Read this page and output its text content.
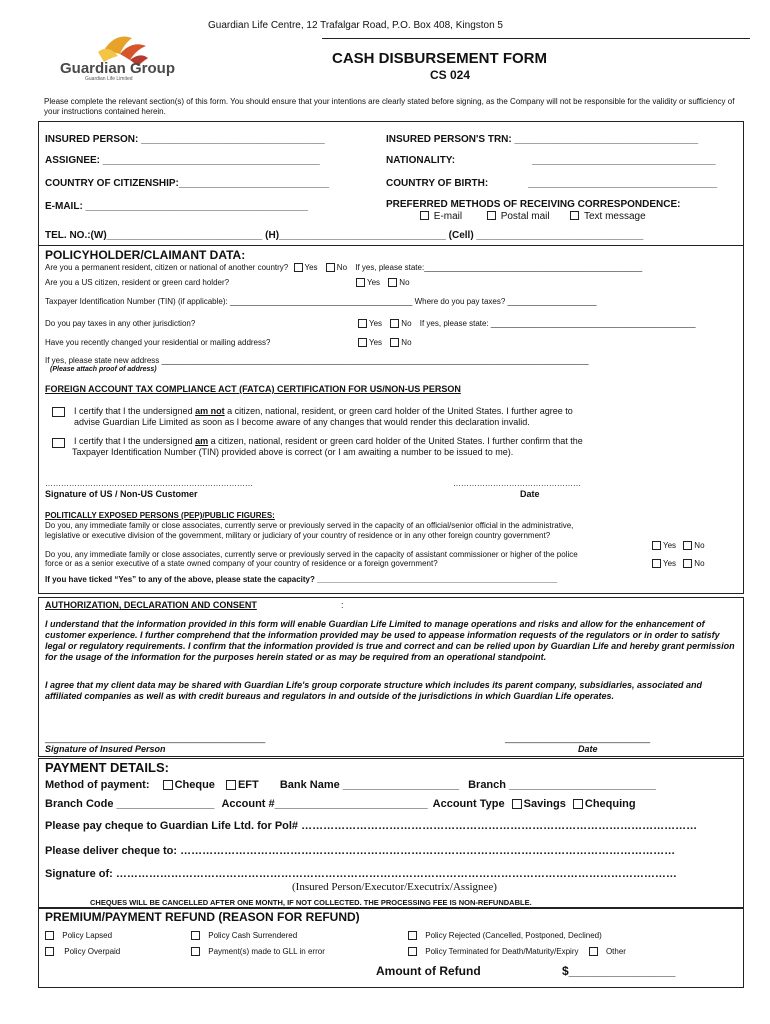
Guardian Life Centre, 12 Trafalgar Road, P.O. Box 408, Kingston 5
Guardian Group
Guardian Life Limited
CASH DISBURSEMENT FORM
CS 024
Please complete the relevant section(s) of this form. You should ensure that your intentions are clearly stated before signing, as the Company will not be responsible for the validity or sufficiency of your instructions contained herein.
INSURED PERSON: _________________________________	INSURED PERSON'S TRN: _________________________________
ASSIGNEE: _______________________________________	NATIONALITY:	_________________________________
COUNTRY OF CITIZENSHIP:___________________________	COUNTRY OF BIRTH:	__________________________________
E-MAIL: ________________________________________	PREFERRED METHODS OF RECEIVING CORRESPONDENCE:
E-mail	Postal mail	Text message
TEL. NO.:(W)____________________________ (H)______________________________ (Cell) ______________________________
POLICYHOLDER/CLAIMANT DATA:
Are you a permanent resident, citizen or national of another country? Yes No If yes, please state:_________________________________________________
Are you a US citizen, resident or green card holder?	Yes No
Taxpayer Identification Number (TIN) (if applicable): _________________________________________ Where do you pay taxes? ____________________
Do you pay taxes in any other jurisdiction?	Yes No If yes, please state: ______________________________________________
Have you recently changed your residential or mailing address?	Yes No
If yes, please state new address ________________________________________________________________________________________________
(Please attach proof of address)
FOREIGN ACCOUNT TAX COMPLIANCE ACT (FATCA) CERTIFICATION FOR US/NON-US PERSON
I certify that I the undersigned am not a citizen, national, resident, or green card holder of the United States. I further agree to
advise Guardian Life Limited as soon as I become aware of any changes that would render this declaration invalid.
I certify that I the undersigned am a citizen, national, resident or green card holder of the United States. I further confirm that the
Taxpayer Identification Number (TIN) provided above is correct (or I am awaiting a number to be issued to me).
……………………………………………………………………	…………………………………………
Signature of US / Non-US Customer	Date
POLITICALLY EXPOSED PERSONS (PEP)/PUBLIC FIGURES:
Do you, any immediate family or close associates, currently serve or previously served in the capacity of an official/senior official in the administrative,
legislative or executive division of the government, military or judiciary of your country of residence or in any other foreign country government?
Yes No
Do you, any immediate family or close associates, currently serve or previously served in the capacity of assistant commissioner or higher of the police
force or as a senior executive of a state owned company of your country of residence or a foreign government?	Yes No
If you have ticked “Yes” to any of the above, please state the capacity? ______________________________________________________
AUTHORIZATION, DECLARATION AND CONSENT	:
I understand that the information provided in this form will enable Guardian Life Limited to manage operations and risks and allow for the enhancement of customer experience. I further comprehend that the information provided may be used to appease information requests of the regulators or in order to satisfy legal or regulatory requirements. I confirm that the information provided is true and correct and can be relied upon by Guardian Life and hereby grant permission for the usage of the information for the purposes herein stated or as may be required from an operational standpoint.
I agree that my client data may be shared with Guardian Life's group corporate structure which includes its parent company, subsidiaries, associated and affiliated companies as well as with credit bureaus and regulators in and outside of the jurisdictions in which Guardian Life operates.
____________________________________________	_____________________________
Signature of Insured Person	Date
PAYMENT DETAILS:
Method of payment: Cheque EFT Bank Name ___________________ Branch ________________________
Branch Code ________________ Account #_________________________ Account Type Savings Chequing
Please pay cheque to Guardian Life Ltd. for Pol# ………………………………………………………………………………………………
Please deliver cheque to: ………………………………………………………………………………………………………………………
Signature of: ………………………………………………………………………………………………………………………………………
(Insured Person/Executor/Executrix/Assignee)
CHEQUES WILL BE CANCELLED AFTER ONE MONTH, IF NOT COLLECTED. THE PROCESSING FEE IS NON-REFUNDABLE.
PREMIUM/PAYMENT REFUND (REASON FOR REFUND)
Policy Lapsed	Policy Cash Surrendered	Policy Rejected (Cancelled, Postponed, Declined)
Policy Overpaid	Payment(s) made to GLL in error	Policy Terminated for Death/Maturity/Expiry	Other
Amount of Refund	$________________
